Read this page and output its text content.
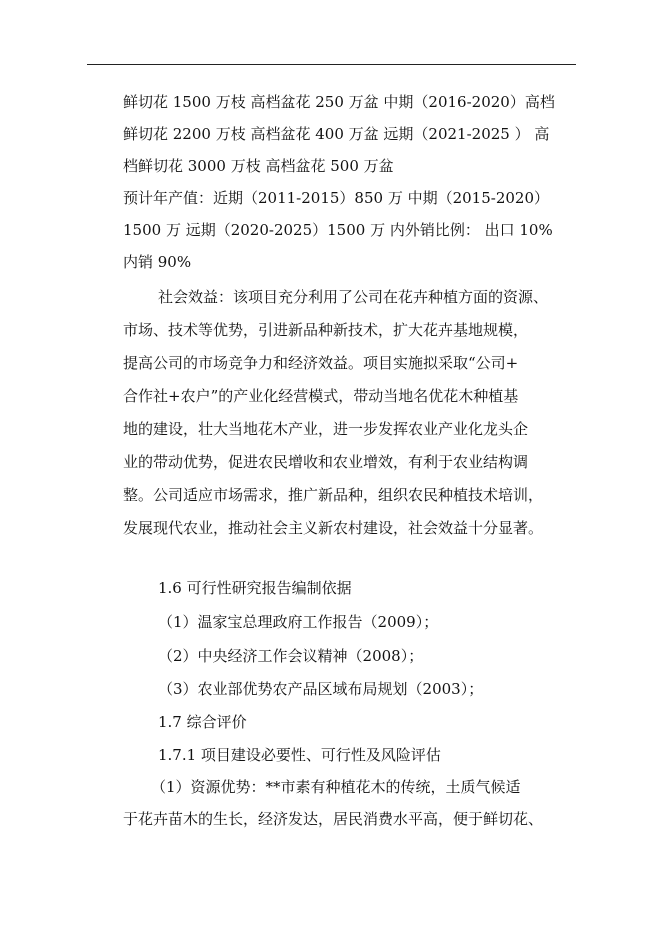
鲜切花 1500 万枝 高档盆花 250 万盆 中期（2016-2020）高档
鲜切花 2200 万枝 高档盆花 400 万盆 远期（2021-2025 ） 高
档鲜切花 3000 万枝 高档盆花 500 万盆
预计年产值：近期（2011-2015）850 万 中期（2015-2020）
1500 万 远期（2020-2025）1500 万 内外销比例： 出口 10%
内销 90%
社会效益：该项目充分利用了公司在花卉种植方面的资源、
市场、技术等优势，引进新品种新技术，扩大花卉基地规模，
提高公司的市场竞争力和经济效益。项目实施拟采取“公司+
合作社+农户”的产业化经营模式，带动当地名优花木种植基
地的建设，壮大当地花木产业，进一步发挥农业产业化龙头企
业的带动优势，促进农民增收和农业增效，有利于农业结构调
整。公司适应市场需求，推广新品种，组织农民种植技术培训，
发展现代农业，推动社会主义新农村建设，社会效益十分显著。
1.6 可行性研究报告编制依据
（1）温家宝总理政府工作报告（2009）；
（2）中央经济工作会议精神（2008）；
（3）农业部优势农产品区域布局规划（2003）；
1.7 综合评价
1.7.1 项目建设必要性、可行性及风险评估
（1）资源优势：**市素有种植花木的传统，土质气候适
于花卉苗木的生长，经济发达，居民消费水平高，便于鲜切花、
